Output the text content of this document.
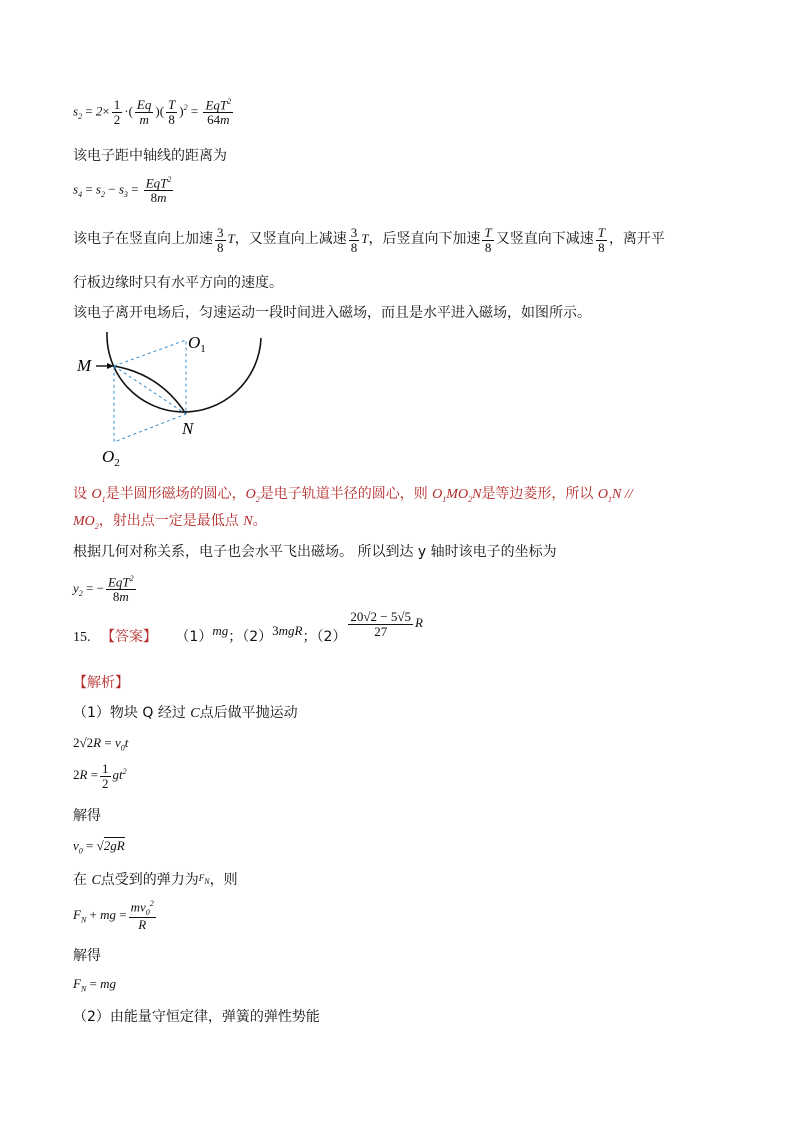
$s_2 = 2\times \frac{1}{2}$ ·( $\frac{Eq}{m}$ )( $\frac{T}{8} )^2 = \frac{EqT^2}{64m}$
该电子距中轴线的距离为
$s_4 = s_2 - s_3 = \frac{EqT^2}{8m}$
该电子在竖直向上加速 $\frac{3}{8}$ T，又竖直向上减速 $\frac{3}{8}$ T，后竖直向下加速 $\frac{T}{8}$ 又竖直向下减速 $\frac{T}{8}$ ，离开平
行板边缘时只有水平方向的速度。
该电子离开电场后，匀速运动一段时间进入磁场，而且是水平进入磁场，如图所示。
M
N
$O_1$
$O_2$
设 $O_1$是半圆形磁场的圆心，$O_2$是电子轨道半径的圆心，则 $O_1MO_2N$是等边菱形，所以 $O_1N$ //
$MO_2$，射出点一定是最低点 N。
根据几何对称关系，电子也会水平飞出磁场。 所以到达 y 轴时该电子的坐标为
$y_2$ = − $\frac{EqT^2}{8m}$
15. 【答案】 （1）mg；（2）3mgR；$(2) \frac{20√2 - 5√5}{27}$ R
【解析】
（1）物块 Q 经过 C点后做平抛运动
$2√2R = v_0t$
$2R = \frac{1}{2} gt^2$
解得
$v_0 = √2gR$
在 C点受到的弹力为$^{F_N}$，则
$F_N$ + mg = $\frac{mv_0^2}{R}$
解得
$F_N$ = mg
（2）由能量守恒定律，弹簧的弹性势能
